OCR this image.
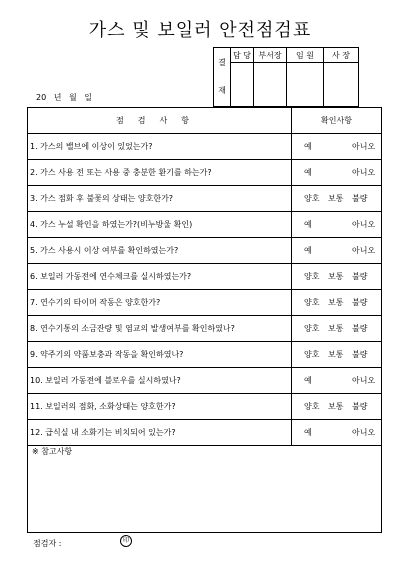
가스 및 보일러 안전점검표
20 년 월 일
결
재	담 당	부서장	임 원	사 장

점검사항	확인사항
1. 가스의 밸브에 이상이 있었는가?	예	아니오
2. 가스 사용 전 또는 사용 중 충분한 환기를 하는가?	예	아니오
3. 가스 점화 후 불꽃의 상태는 양호한가?	양호 보통 불량
4. 가스 누설 확인을 하였는가?(비누방울 확인)	예	아니오
5. 가스 사용시 이상 여부를 확인하였는가?	예	아니오
6. 보일러 가동전에 연수체크를 실시하였는가?	양호 보통 불량
7. 연수기의 타이머 작동은 양호한가?	양호 보통 불량
8. 연수기통의 소금잔량 및 염교의 발생여부를 확인하였나?	양호 보통 불량
9. 약주기의 약품보충과 작동을 확인하였나?	양호 보통 불량
10. 보일러 가동전에 블로우를 실시하였나?	예	아니오
11. 보일러의 점화, 소화상태는 양호한가?	양호 보통 불량
12. 급식실 내 소화기는 비치되어 있는가?	예	아니오
※ 참고사항
점검자 :	印
